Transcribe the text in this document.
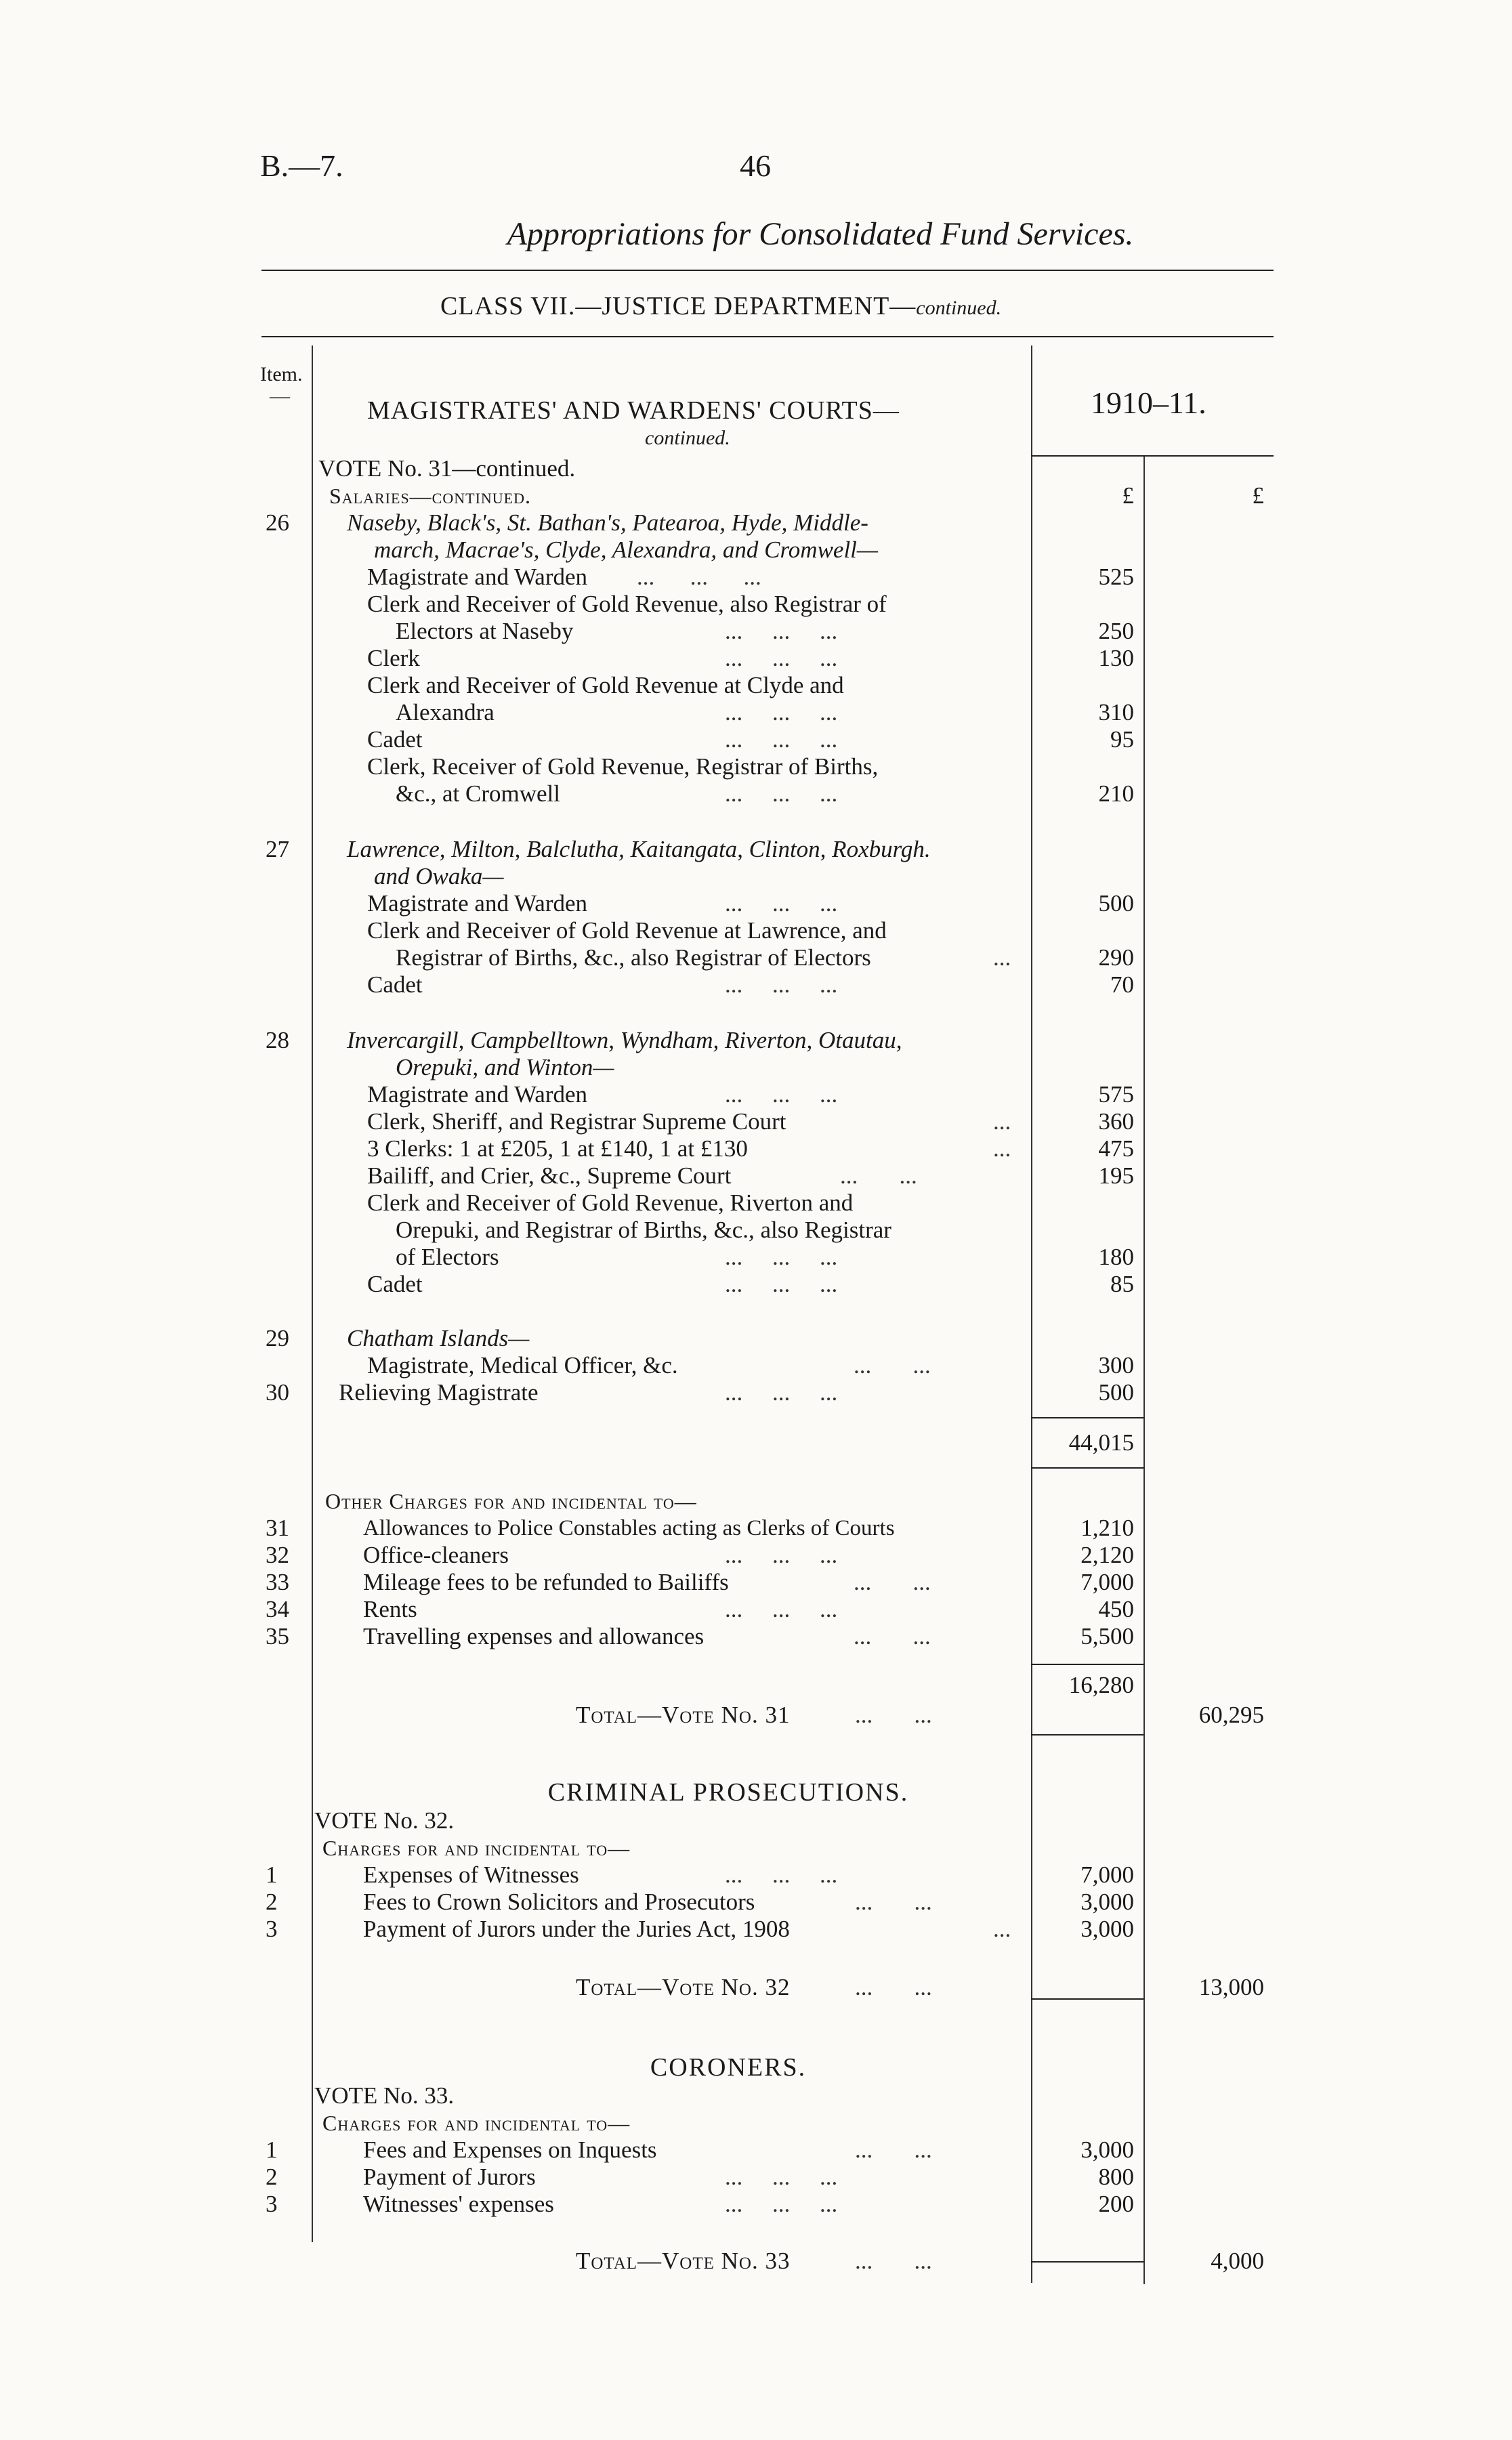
B.—7.	46
Appropriations for Consolidated Fund Services.
CLASS VII.—JUSTICE DEPARTMENT—continued.
Item.
—
MAGISTRATES' AND WARDENS' COURTS—
continued.
1910–11.
VOTE No. 31—continued.
Salaries—continued.	£	£
26	Naseby, Black's, St. Bathan's, Patearoa, Hyde, Middle-
march, Macrae's, Clyde, Alexandra, and Cromwell—
Magistrate and Warden ...      ...      ...	525
Clerk and Receiver of Gold Revenue, also Registrar of
Electors at Naseby	...     ...     ...	250
Clerk	...     ...     ...	130
Clerk and Receiver of Gold Revenue at Clyde and
Alexandra	...     ...     ...	310
Cadet	...     ...     ...	95
Clerk, Receiver of Gold Revenue, Registrar of Births,
&c., at Cromwell	...     ...     ...	210
27	Lawrence, Milton, Balclutha, Kaitangata, Clinton, Roxburgh.
and Owaka—
Magistrate and Warden	...     ...     ...	500
Clerk and Receiver of Gold Revenue at Lawrence, and
Registrar of Births, &c., also Registrar of Electors	...	290
Cadet	...     ...     ...	70
28	Invercargill, Campbelltown, Wyndham, Riverton, Otautau,
Orepuki, and Winton—
Magistrate and Warden	...     ...     ...	575
Clerk, Sheriff, and Registrar Supreme Court	...	360
3 Clerks: 1 at £205, 1 at £140, 1 at £130	...	475
Bailiff, and Crier, &c., Supreme Court	...       ...	195
Clerk and Receiver of Gold Revenue, Riverton and
Orepuki, and Registrar of Births, &c., also Registrar
of Electors	...     ...     ...	180
Cadet	...     ...     ...	85
29	Chatham Islands—
Magistrate, Medical Officer, &c.	...       ...	300
30	Relieving Magistrate	...     ...     ...	500
44,015
Other Charges for and incidental to—
31	Allowances to Police Constables acting as Clerks of Courts	1,210
32	Office-cleaners	...     ...     ...	2,120
33	Mileage fees to be refunded to Bailiffs	...       ...	7,000
34	Rents	...     ...     ...	450
35	Travelling expenses and allowances	...       ...	5,500
16,280
Total—Vote No. 31	...       ...	60,295
CRIMINAL PROSECUTIONS.
VOTE No. 32.
Charges for and incidental to—
1	Expenses of Witnesses	...     ...     ...	7,000
2	Fees to Crown Solicitors and Prosecutors	...       ...	3,000
3	Payment of Jurors under the Juries Act, 1908	...	3,000
Total—Vote No. 32	...       ...	13,000
CORONERS.
VOTE No. 33.
Charges for and incidental to—
1	Fees and Expenses on Inquests	...       ...	3,000
2	Payment of Jurors	...     ...     ...	800
3	Witnesses' expenses	...     ...     ...	200
Total—Vote No. 33	...       ...	4,000
